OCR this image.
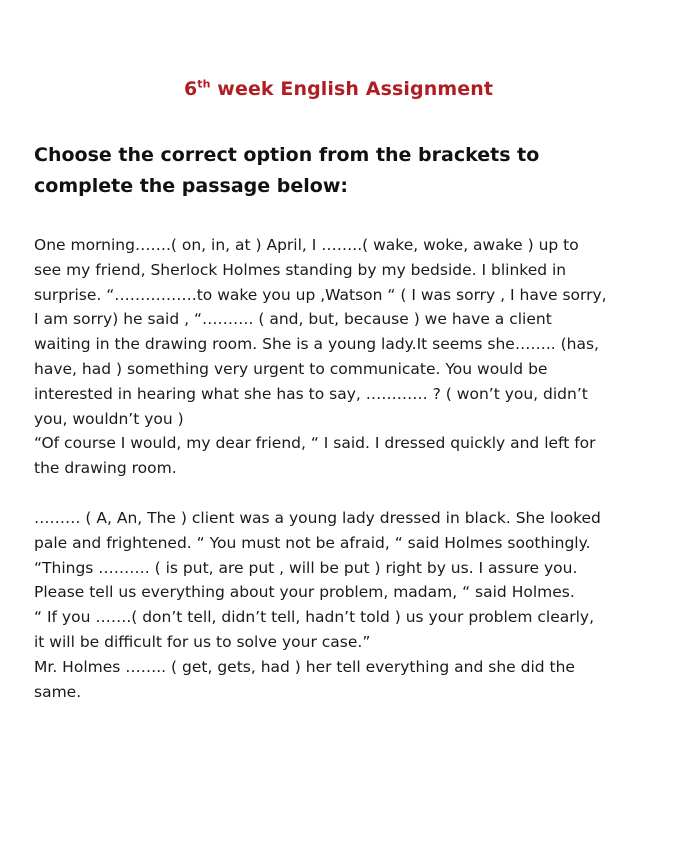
6th week English Assignment
Choose the correct option from the brackets to
complete the passage below:
One morning…….( on, in, at ) April, I ……..( wake, woke, awake ) up to
see my friend, Sherlock Holmes standing by my bedside. I blinked in
surprise. “…………….to wake you up ,Watson “ ( I was sorry , I have sorry,
I am sorry) he said , “………. ( and, but, because ) we have a client
waiting in the drawing room. She is a young lady.It seems she…….. (has,
have, had ) something very urgent to communicate. You would be
interested in hearing what she has to say, ………… ? ( won’t you, didn’t
you, wouldn’t you )
“Of course I would, my dear friend, “ I said. I dressed quickly and left for
the drawing room.
……… ( A, An, The ) client was a young lady dressed in black. She looked
pale and frightened. “ You must not be afraid, “ said Holmes soothingly.
“Things ………. ( is put, are put , will be put ) right by us. I assure you.
Please tell us everything about your problem, madam, “ said Holmes.
“ If you …….( don’t tell, didn’t tell, hadn’t told ) us your problem clearly,
it will be difficult for us to solve your case.”
Mr. Holmes …….. ( get, gets, had ) her tell everything and she did the
same.
